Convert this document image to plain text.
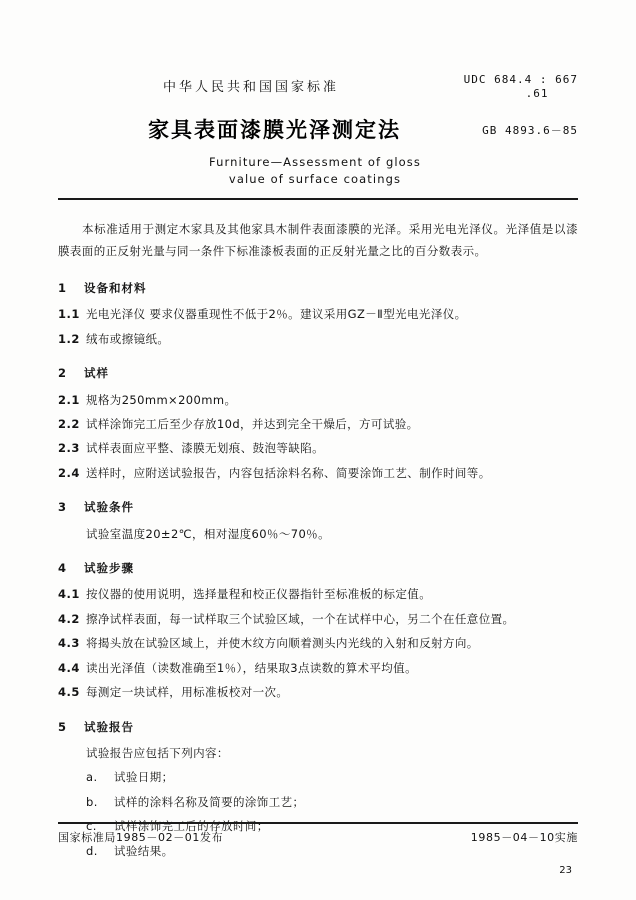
中华人民共和国国家标准
UDC 684.4 : 667
.61
家具表面漆膜光泽测定法	GB 4893.6－85
Furniture—Assessment of gloss
value of surface coatings

本标准适用于测定木家具及其他家具木制件表面漆膜的光泽。采用光电光泽仪。光泽值是以漆膜表面的正反射光量与同一条件下标准漆板表面的正反射光量之比的百分数表示。

1 设备和材料

1.1 光电光泽仪 要求仪器重现性不低于2％。建议采用GZ－Ⅱ型光电光泽仪。

1.2 绒布或擦镜纸。

2 试样

2.1 规格为250mm×200mm。

2.2 试样涂饰完工后至少存放10d，并达到完全干燥后，方可试验。

2.3 试样表面应平整、漆膜无划痕、鼓泡等缺陷。

2.4 送样时，应附送试验报告，内容包括涂料名称、简要涂饰工艺、制作时间等。

3 试验条件

试验室温度20±2℃，相对湿度60％～70％。

4 试验步骤

4.1 按仪器的使用说明，选择量程和校正仪器指针至标准板的标定值。

4.2 擦净试样表面，每一试样取三个试验区域，一个在试样中心，另二个在任意位置。

4.3 将揭头放在试验区域上，并使木纹方向顺着测头内光线的入射和反射方向。

4.4 读出光泽值（读数准确至1％），结果取3点读数的算术平均值。

4.5 每测定一块试样，用标准板校对一次。

5 试验报告

试验报告应包括下列内容：

a. 试验日期；

b. 试样的涂料名称及简要的涂饰工艺；

c. 试样涂饰完工后的存放时间；

d. 试验结果。

国家标准局1985－02－01发布	1985－04－10实施
23
